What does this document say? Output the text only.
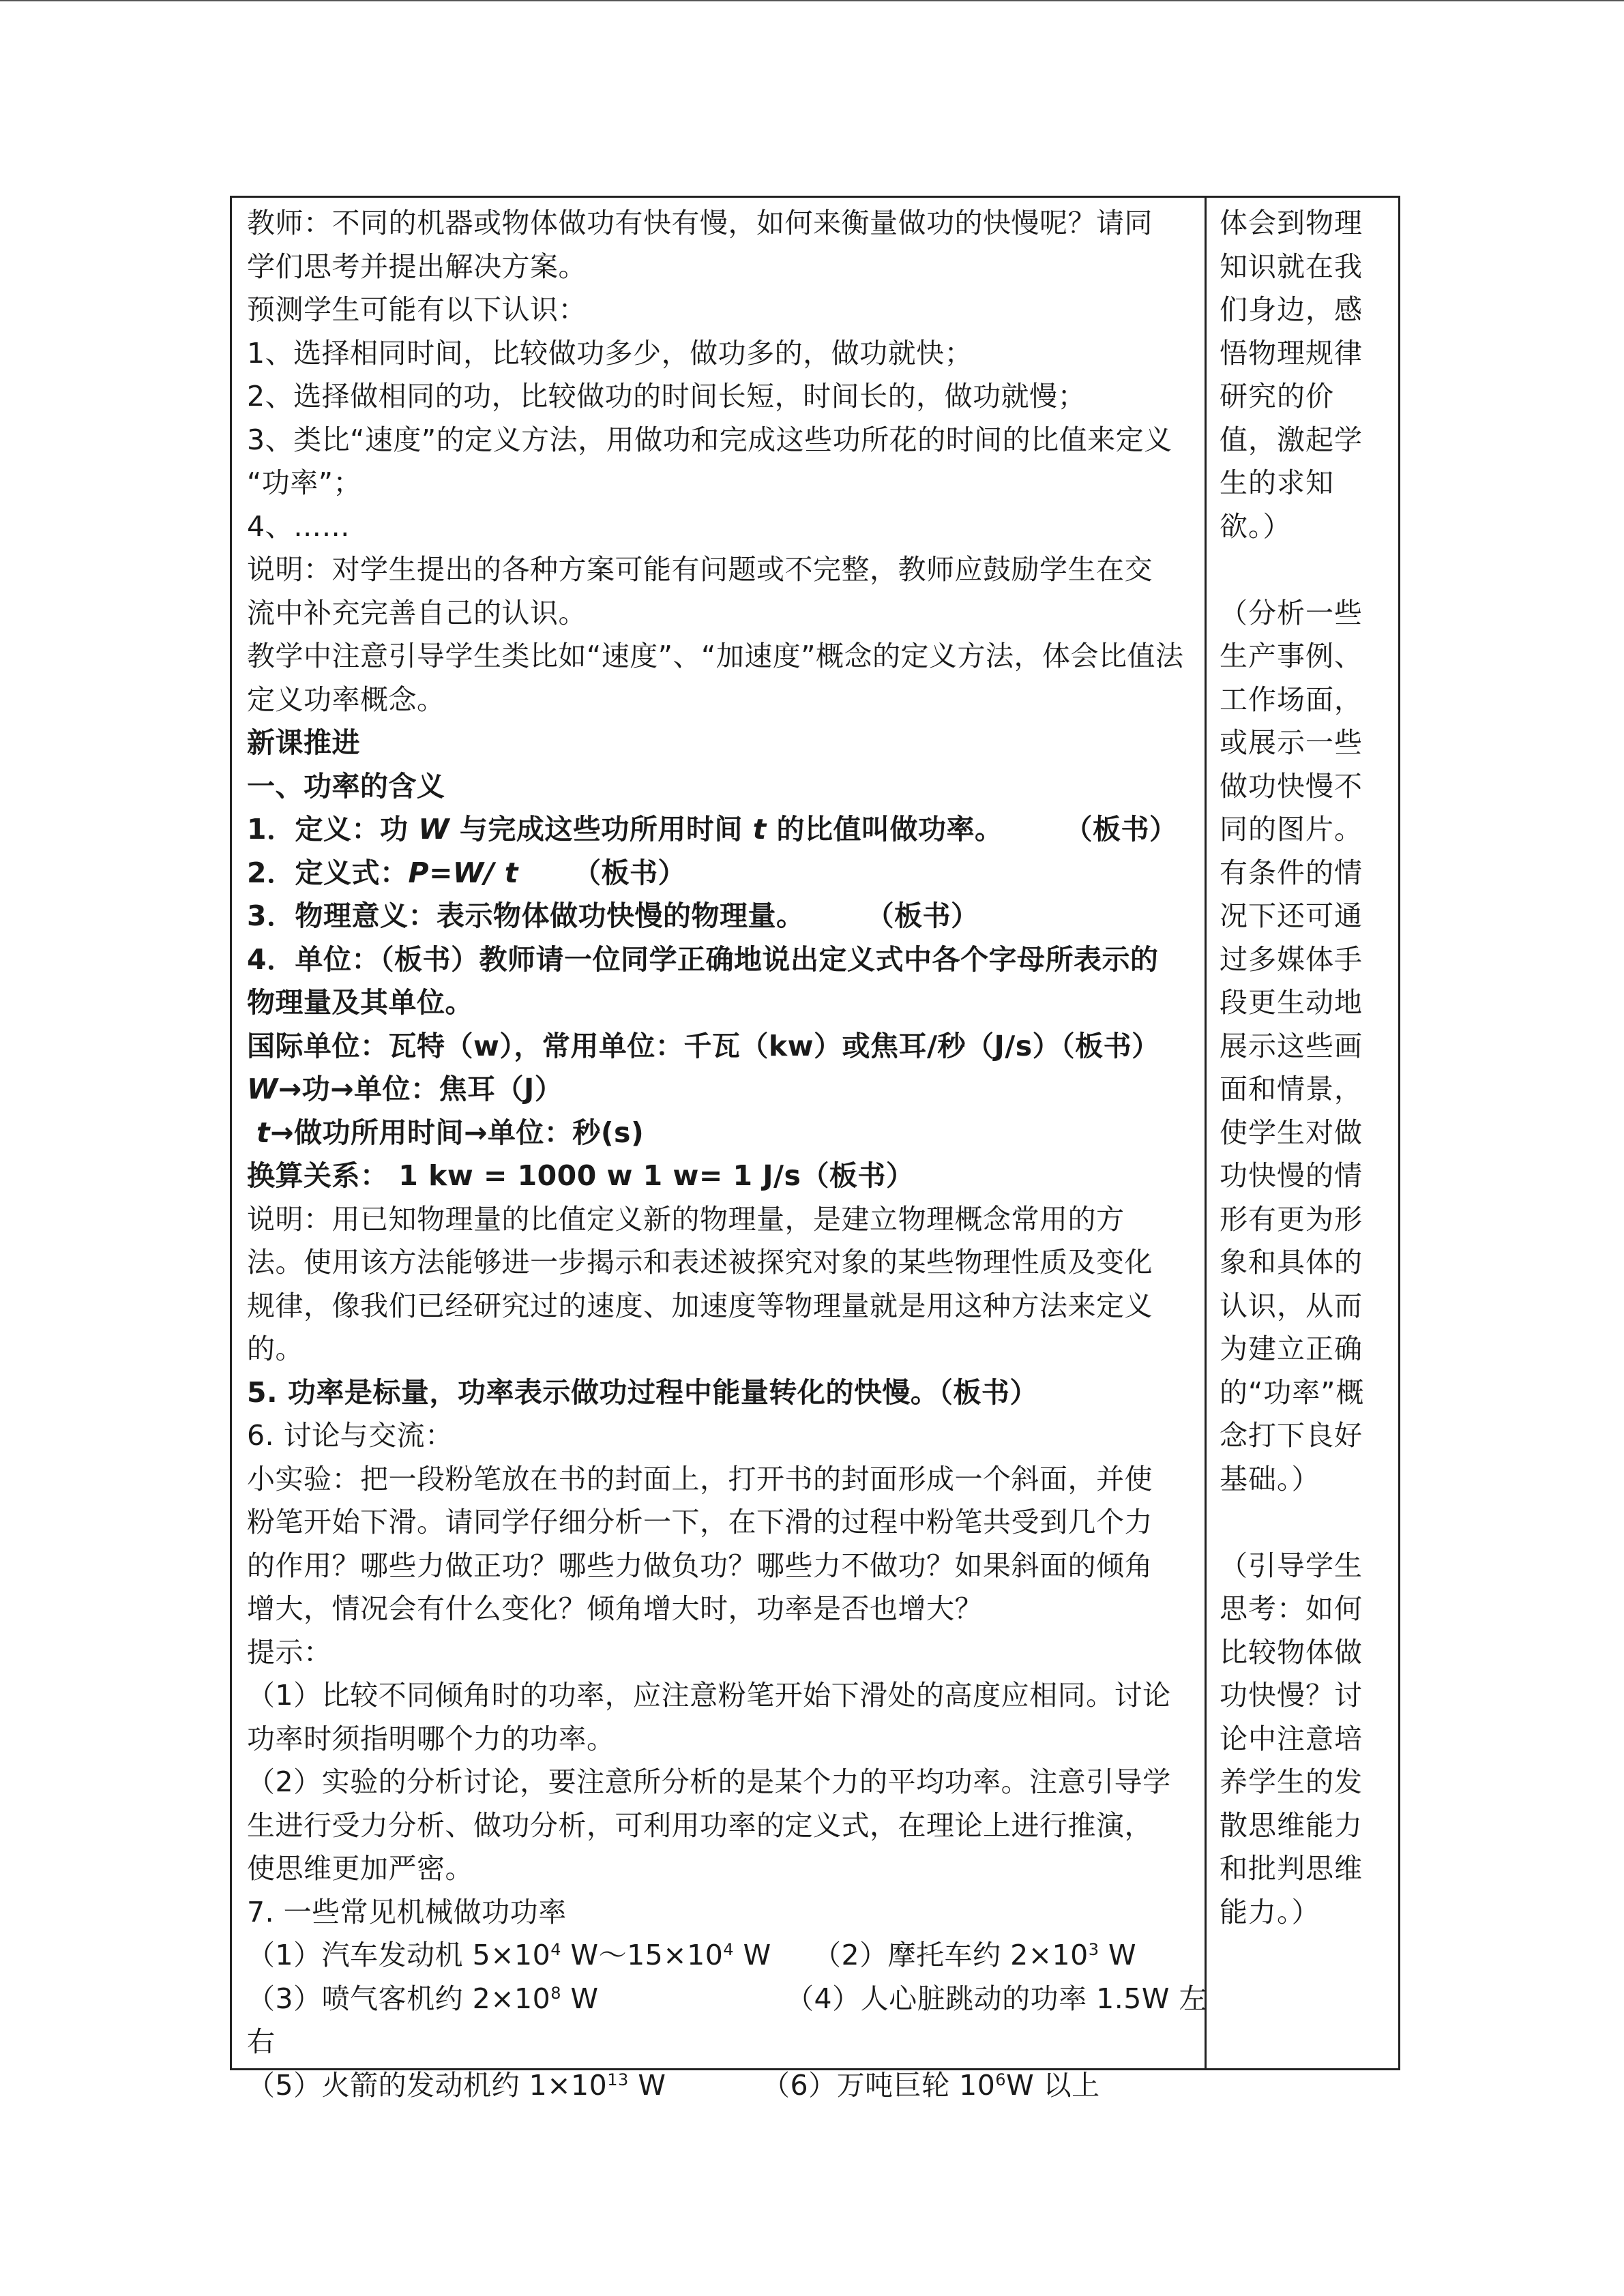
教师：不同的机器或物体做功有快有慢，如何来衡量做功的快慢呢？请同
学们思考并提出解决方案。
预测学生可能有以下认识：
1、选择相同时间，比较做功多少，做功多的，做功就快；
2、选择做相同的功，比较做功的时间长短，时间长的，做功就慢；
3、类比“速度”的定义方法，用做功和完成这些功所花的时间的比值来定义
“功率”；
4、……
说明：对学生提出的各种方案可能有问题或不完整，教师应鼓励学生在交
流中补充完善自己的认识。
教学中注意引导学生类比如“速度”、“加速度”概念的定义方法，体会比值法
定义功率概念。
新课推进
一、功率的含义
1．定义：功 W 与完成这些功所用时间 t 的比值叫做功率。 （板书）
2．定义式：P=W/ t （板书）
3．物理意义：表示物体做功快慢的物理量。 （板书）
4．单位：（板书）教师请一位同学正确地说出定义式中各个字母所表示的
物理量及其单位。
国际单位：瓦特（w），常用单位：千瓦（kw）或焦耳/秒（J/s）（板书）
W→功→单位：焦耳（J）
t→做功所用时间→单位：秒(s)
换算关系： 1 kw = 1000 w 1 w= 1 J/s（板书）
说明：用已知物理量的比值定义新的物理量，是建立物理概念常用的方
法。使用该方法能够进一步揭示和表述被探究对象的某些物理性质及变化
规律，像我们已经研究过的速度、加速度等物理量就是用这种方法来定义
的。
5. 功率是标量，功率表示做功过程中能量转化的快慢。（板书）
6. 讨论与交流：
小实验：把一段粉笔放在书的封面上，打开书的封面形成一个斜面，并使
粉笔开始下滑。请同学仔细分析一下，在下滑的过程中粉笔共受到几个力
的作用？哪些力做正功？哪些力做负功？哪些力不做功？如果斜面的倾角
增大，情况会有什么变化？倾角增大时，功率是否也增大？
提示：
（1）比较不同倾角时的功率，应注意粉笔开始下滑处的高度应相同。讨论
功率时须指明哪个力的功率。
（2）实验的分析讨论，要注意所分析的是某个力的平均功率。注意引导学
生进行受力分析、做功分析，可利用功率的定义式，在理论上进行推演，
使思维更加严密。
7. 一些常见机械做功功率
（1）汽车发动机 $5\times 10^4$ $W\sim 15\times 10^4$ W （2）摩托车约 $2\times 10^3$ W
（3）喷气客机约 $2\times 10^8$ W	（4）人心脏跳动的功率 1.5W 左
右
（5）火箭的发动机约 $1\times 10^{13}$ W	（6）万吨巨轮 $10^6W$ 以上
体会到物理
知识就在我
们身边，感
悟物理规律
研究的价
值，激起学
生的求知
欲。）
（分析一些
生产事例、
工作场面，
或展示一些
做功快慢不
同的图片。
有条件的情
况下还可通
过多媒体手
段更生动地
展示这些画
面和情景，
使学生对做
功快慢的情
形有更为形
象和具体的
认识，从而
为建立正确
的“功率”概
念打下良好
基础。）
（引导学生
思考：如何
比较物体做
功快慢？讨
论中注意培
养学生的发
散思维能力
和批判思维
能力。）
